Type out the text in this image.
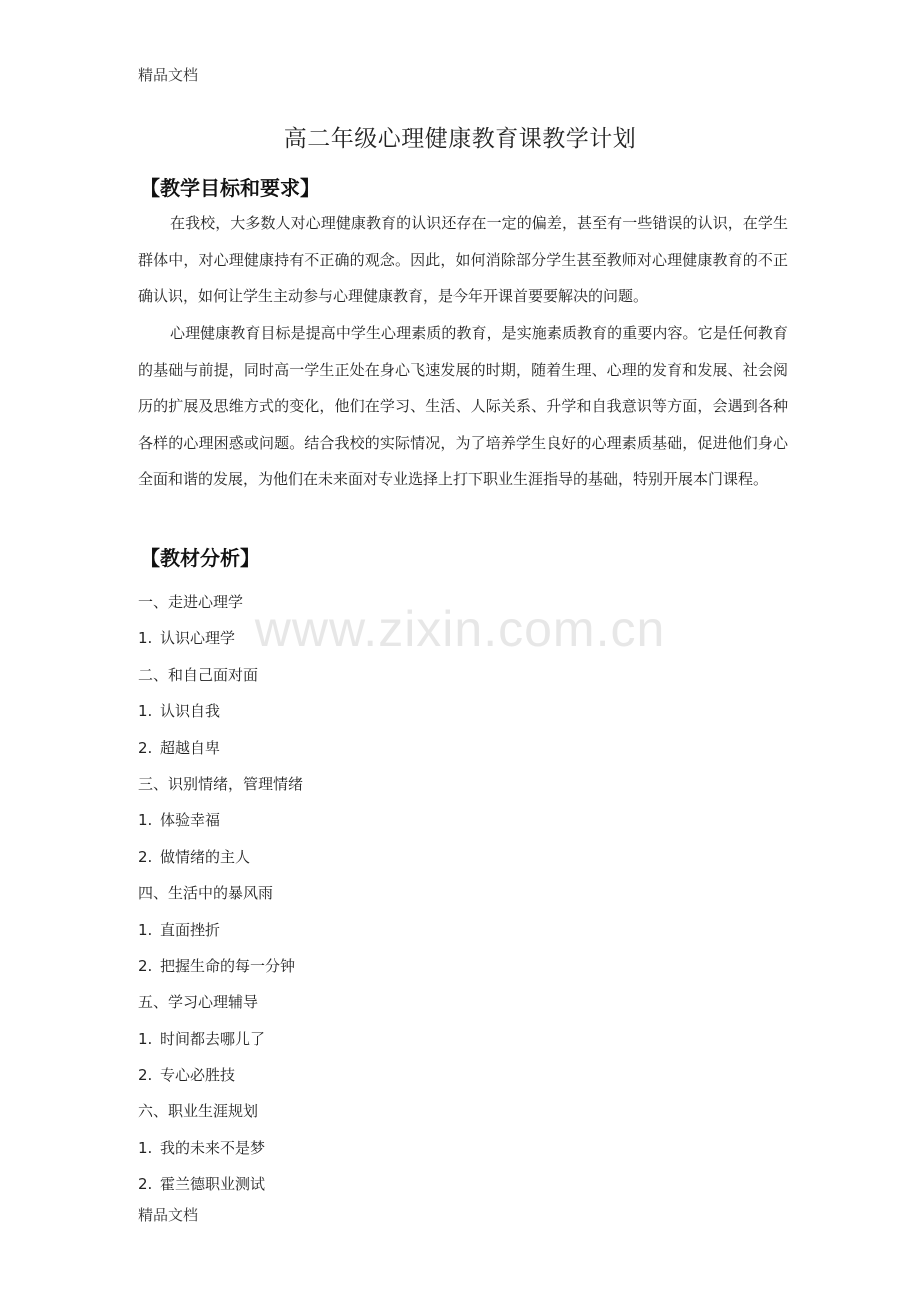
精品文档
高二年级心理健康教育课教学计划
【教学目标和要求】

在我校，大多数人对心理健康教育的认识还存在一定的偏差，甚至有一些错误的认识，在学生群体中，对心理健康持有不正确的观念。因此，如何消除部分学生甚至教师对心理健康教育的不正确认识，如何让学生主动参与心理健康教育，是今年开课首要要解决的问题。

心理健康教育目标是提高中学生心理素质的教育，是实施素质教育的重要内容。它是任何教育的基础与前提，同时高一学生正处在身心飞速发展的时期，随着生理、心理的发育和发展、社会阅历的扩展及思维方式的变化，他们在学习、生活、人际关系、升学和自我意识等方面，会遇到各种各样的心理困惑或问题。结合我校的实际情况，为了培养学生良好的心理素质基础，促进他们身心全面和谐的发展，为他们在未来面对专业选择上打下职业生涯指导的基础，特别开展本门课程。

【教材分析】
一、走进心理学
1. 认识心理学
二、和自己面对面
1. 认识自我
2. 超越自卑
三、识别情绪，管理情绪
1. 体验幸福
2. 做情绪的主人
四、生活中的暴风雨
1. 直面挫折
2. 把握生命的每一分钟
五、学习心理辅导
1. 时间都去哪儿了
2. 专心必胜技
六、职业生涯规划
1. 我的未来不是梦
2. 霍兰德职业测试
www.zixin.com.cn
精品文档
